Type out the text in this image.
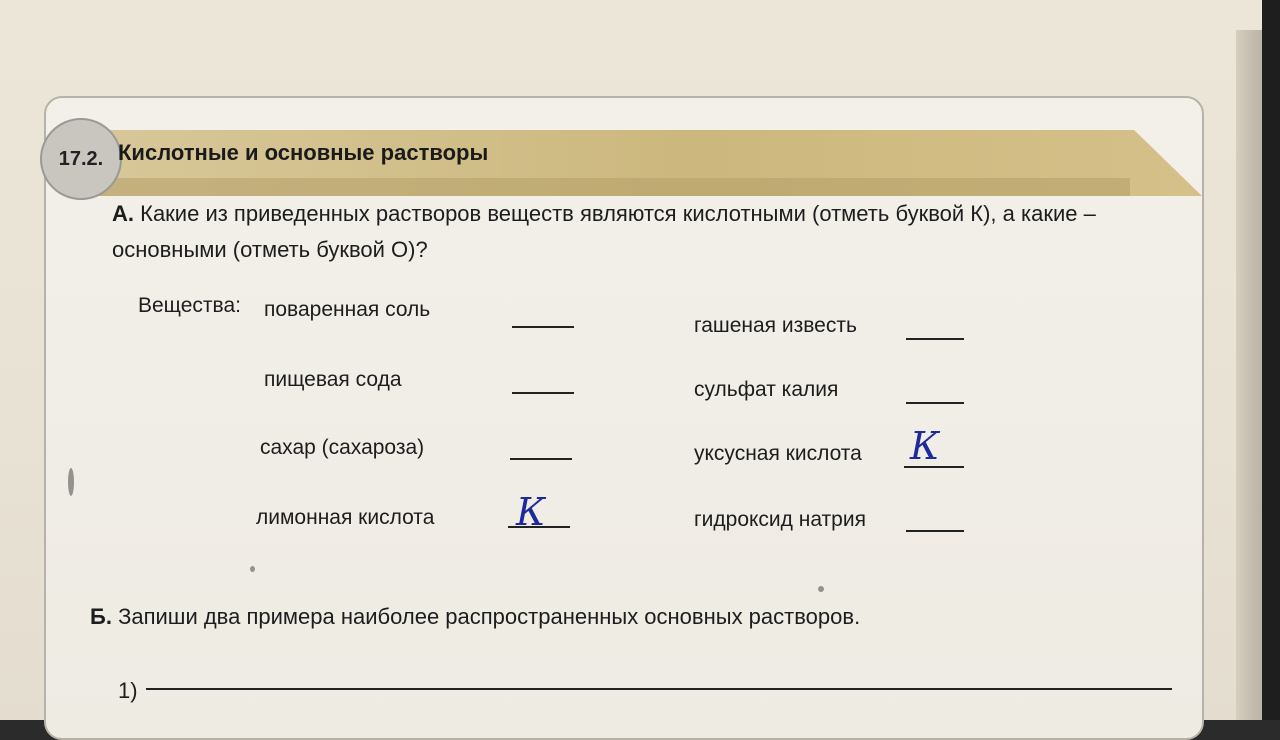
17.2. Кислотные и основные растворы
А. Какие из приведенных растворов веществ являются кислотными (отметь буквой К), а какие –
основными (отметь буквой О)?
Вещества: поваренная соль
пищевая сода
сахар (сахароза)
лимонная кислота К
гашеная известь
сульфат калия
уксусная кислота К
гидроксид натрия
Б. Запиши два примера наиболее распространенных основных растворов.
1)
